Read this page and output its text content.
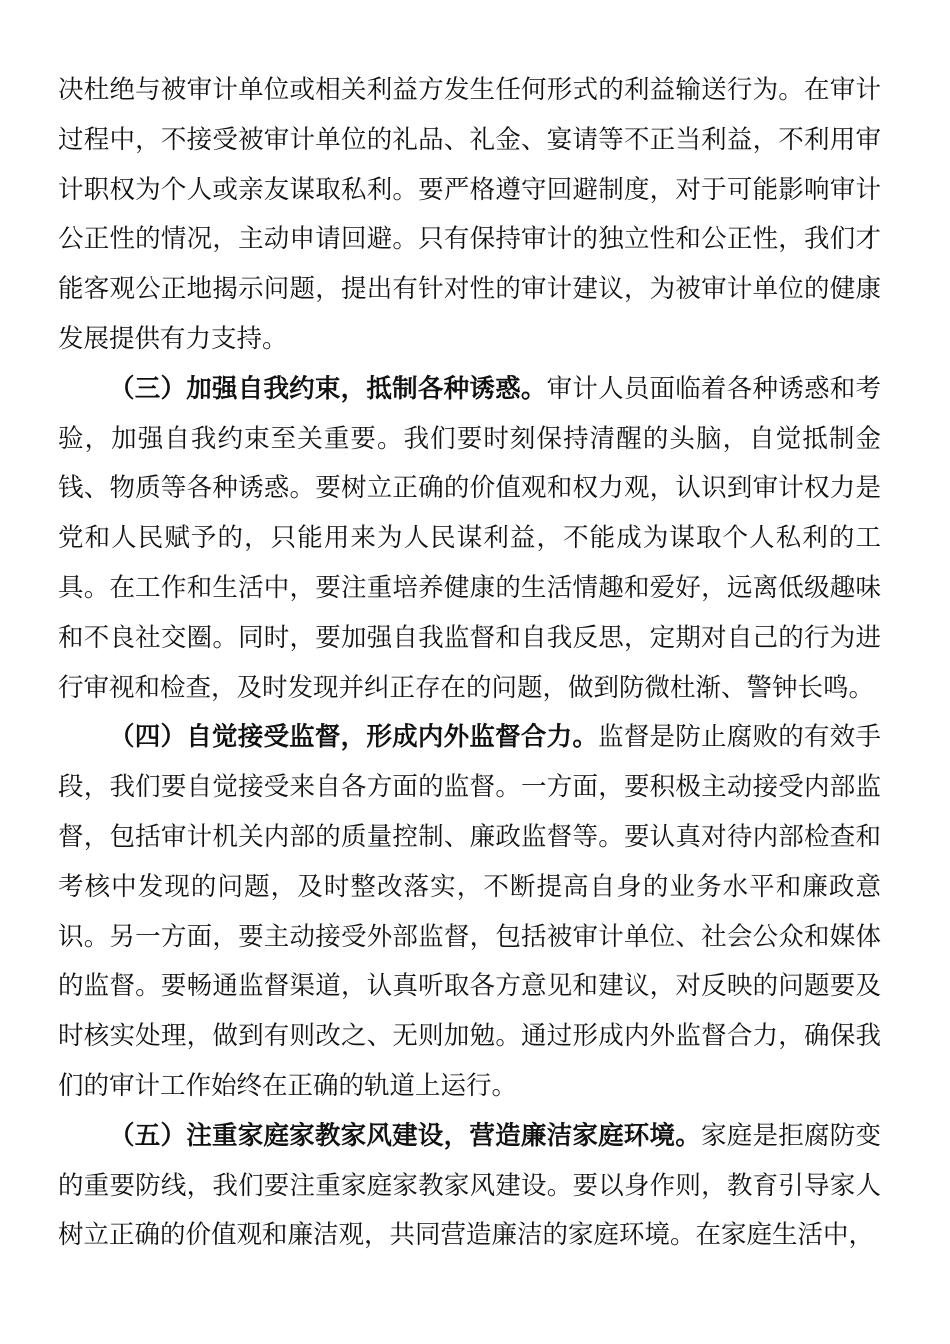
决杜绝与被审计单位或相关利益方发生任何形式的利益输送行为。在审计过程中，不接受被审计单位的礼品、礼金、宴请等不正当利益，不利用审计职权为个人或亲友谋取私利。要严格遵守回避制度，对于可能影响审计公正性的情况，主动申请回避。只有保持审计的独立性和公正性，我们才能客观公正地揭示问题，提出有针对性的审计建议，为被审计单位的健康发展提供有力支持。

（三）加强自我约束，抵制各种诱惑。审计人员面临着各种诱惑和考验，加强自我约束至关重要。我们要时刻保持清醒的头脑，自觉抵制金钱、物质等各种诱惑。要树立正确的价值观和权力观，认识到审计权力是党和人民赋予的，只能用来为人民谋利益，不能成为谋取个人私利的工具。在工作和生活中，要注重培养健康的生活情趣和爱好，远离低级趣味和不良社交圈。同时，要加强自我监督和自我反思，定期对自己的行为进行审视和检查，及时发现并纠正存在的问题，做到防微杜渐、警钟长鸣。

（四）自觉接受监督，形成内外监督合力。监督是防止腐败的有效手段，我们要自觉接受来自各方面的监督。一方面，要积极主动接受内部监督，包括审计机关内部的质量控制、廉政监督等。要认真对待内部检查和考核中发现的问题，及时整改落实，不断提高自身的业务水平和廉政意识。另一方面，要主动接受外部监督，包括被审计单位、社会公众和媒体的监督。要畅通监督渠道，认真听取各方意见和建议，对反映的问题要及时核实处理，做到有则改之、无则加勉。通过形成内外监督合力，确保我们的审计工作始终在正确的轨道上运行。

（五）注重家庭家教家风建设，营造廉洁家庭环境。家庭是拒腐防变的重要防线，我们要注重家庭家教家风建设。要以身作则，教育引导家人树立正确的价值观和廉洁观，共同营造廉洁的家庭环境。在家庭生活中，
